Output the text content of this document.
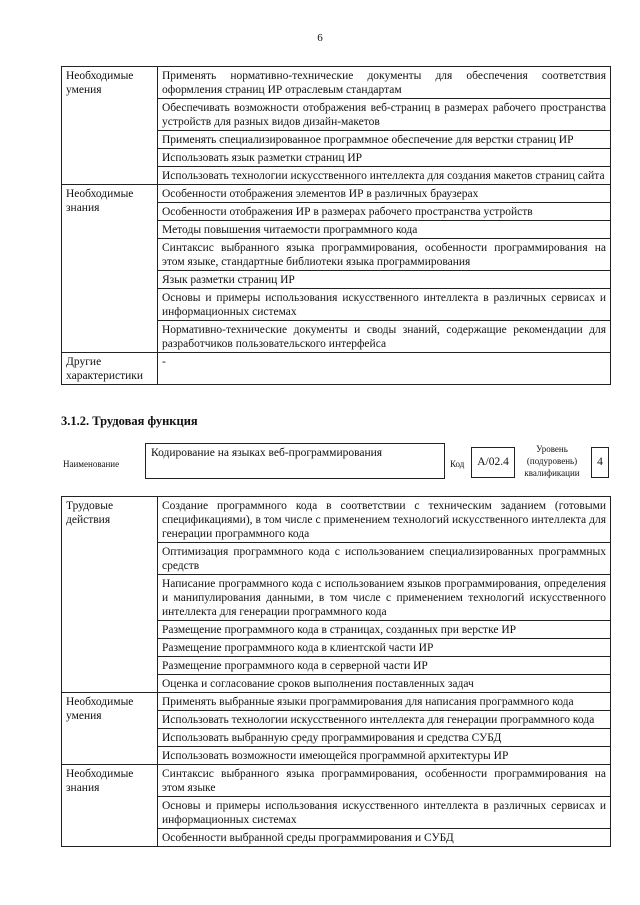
6
Необходимые умения	Применять нормативно-технические документы для обеспечения соответствия оформления страниц ИР отраслевым стандартам
	Обеспечивать возможности отображения веб-страниц в размерах рабочего пространства устройств для разных видов дизайн-макетов
	Применять специализированное программное обеспечение для верстки страниц ИР
	Использовать язык разметки страниц ИР
	Использовать технологии искусственного интеллекта для создания макетов страниц сайта
Необходимые знания	Особенности отображения элементов ИР в различных браузерах
	Особенности отображения ИР в размерах рабочего пространства устройств
	Методы повышения читаемости программного кода
	Синтаксис выбранного языка программирования, особенности программирования на этом языке, стандартные библиотеки языка программирования
	Язык разметки страниц ИР
	Основы и примеры использования искусственного интеллекта в различных сервисах и информационных системах
	Нормативно-технические документы и своды знаний, содержащие рекомендации для разработчиков пользовательского интерфейса
Другие характеристики	-
3.1.2. Трудовая функция
Наименование
Кодирование на языках веб-программирования
Код	A/02.4
Уровень
(подуровень)
квалификации
4
Трудовые действия	Создание программного кода в соответствии с техническим заданием (готовыми спецификациями), в том числе с применением технологий искусственного интеллекта для генерации программного кода
	Оптимизация программного кода с использованием специализированных программных средств
	Написание программного кода с использованием языков программирования, определения и манипулирования данными, в том числе с применением технологий искусственного интеллекта для генерации программного кода
	Размещение программного кода в страницах, созданных при верстке ИР
	Размещение программного кода в клиентской части ИР
	Размещение программного кода в серверной части ИР
	Оценка и согласование сроков выполнения поставленных задач
Необходимые умения	Применять выбранные языки программирования для написания программного кода
	Использовать технологии искусственного интеллекта для генерации программного кода
	Использовать выбранную среду программирования и средства СУБД
	Использовать возможности имеющейся программной архитектуры ИР
Необходимые знания	Синтаксис выбранного языка программирования, особенности программирования на этом языке
	Основы и примеры использования искусственного интеллекта в различных сервисах и информационных системах
	Особенности выбранной среды программирования и СУБД
